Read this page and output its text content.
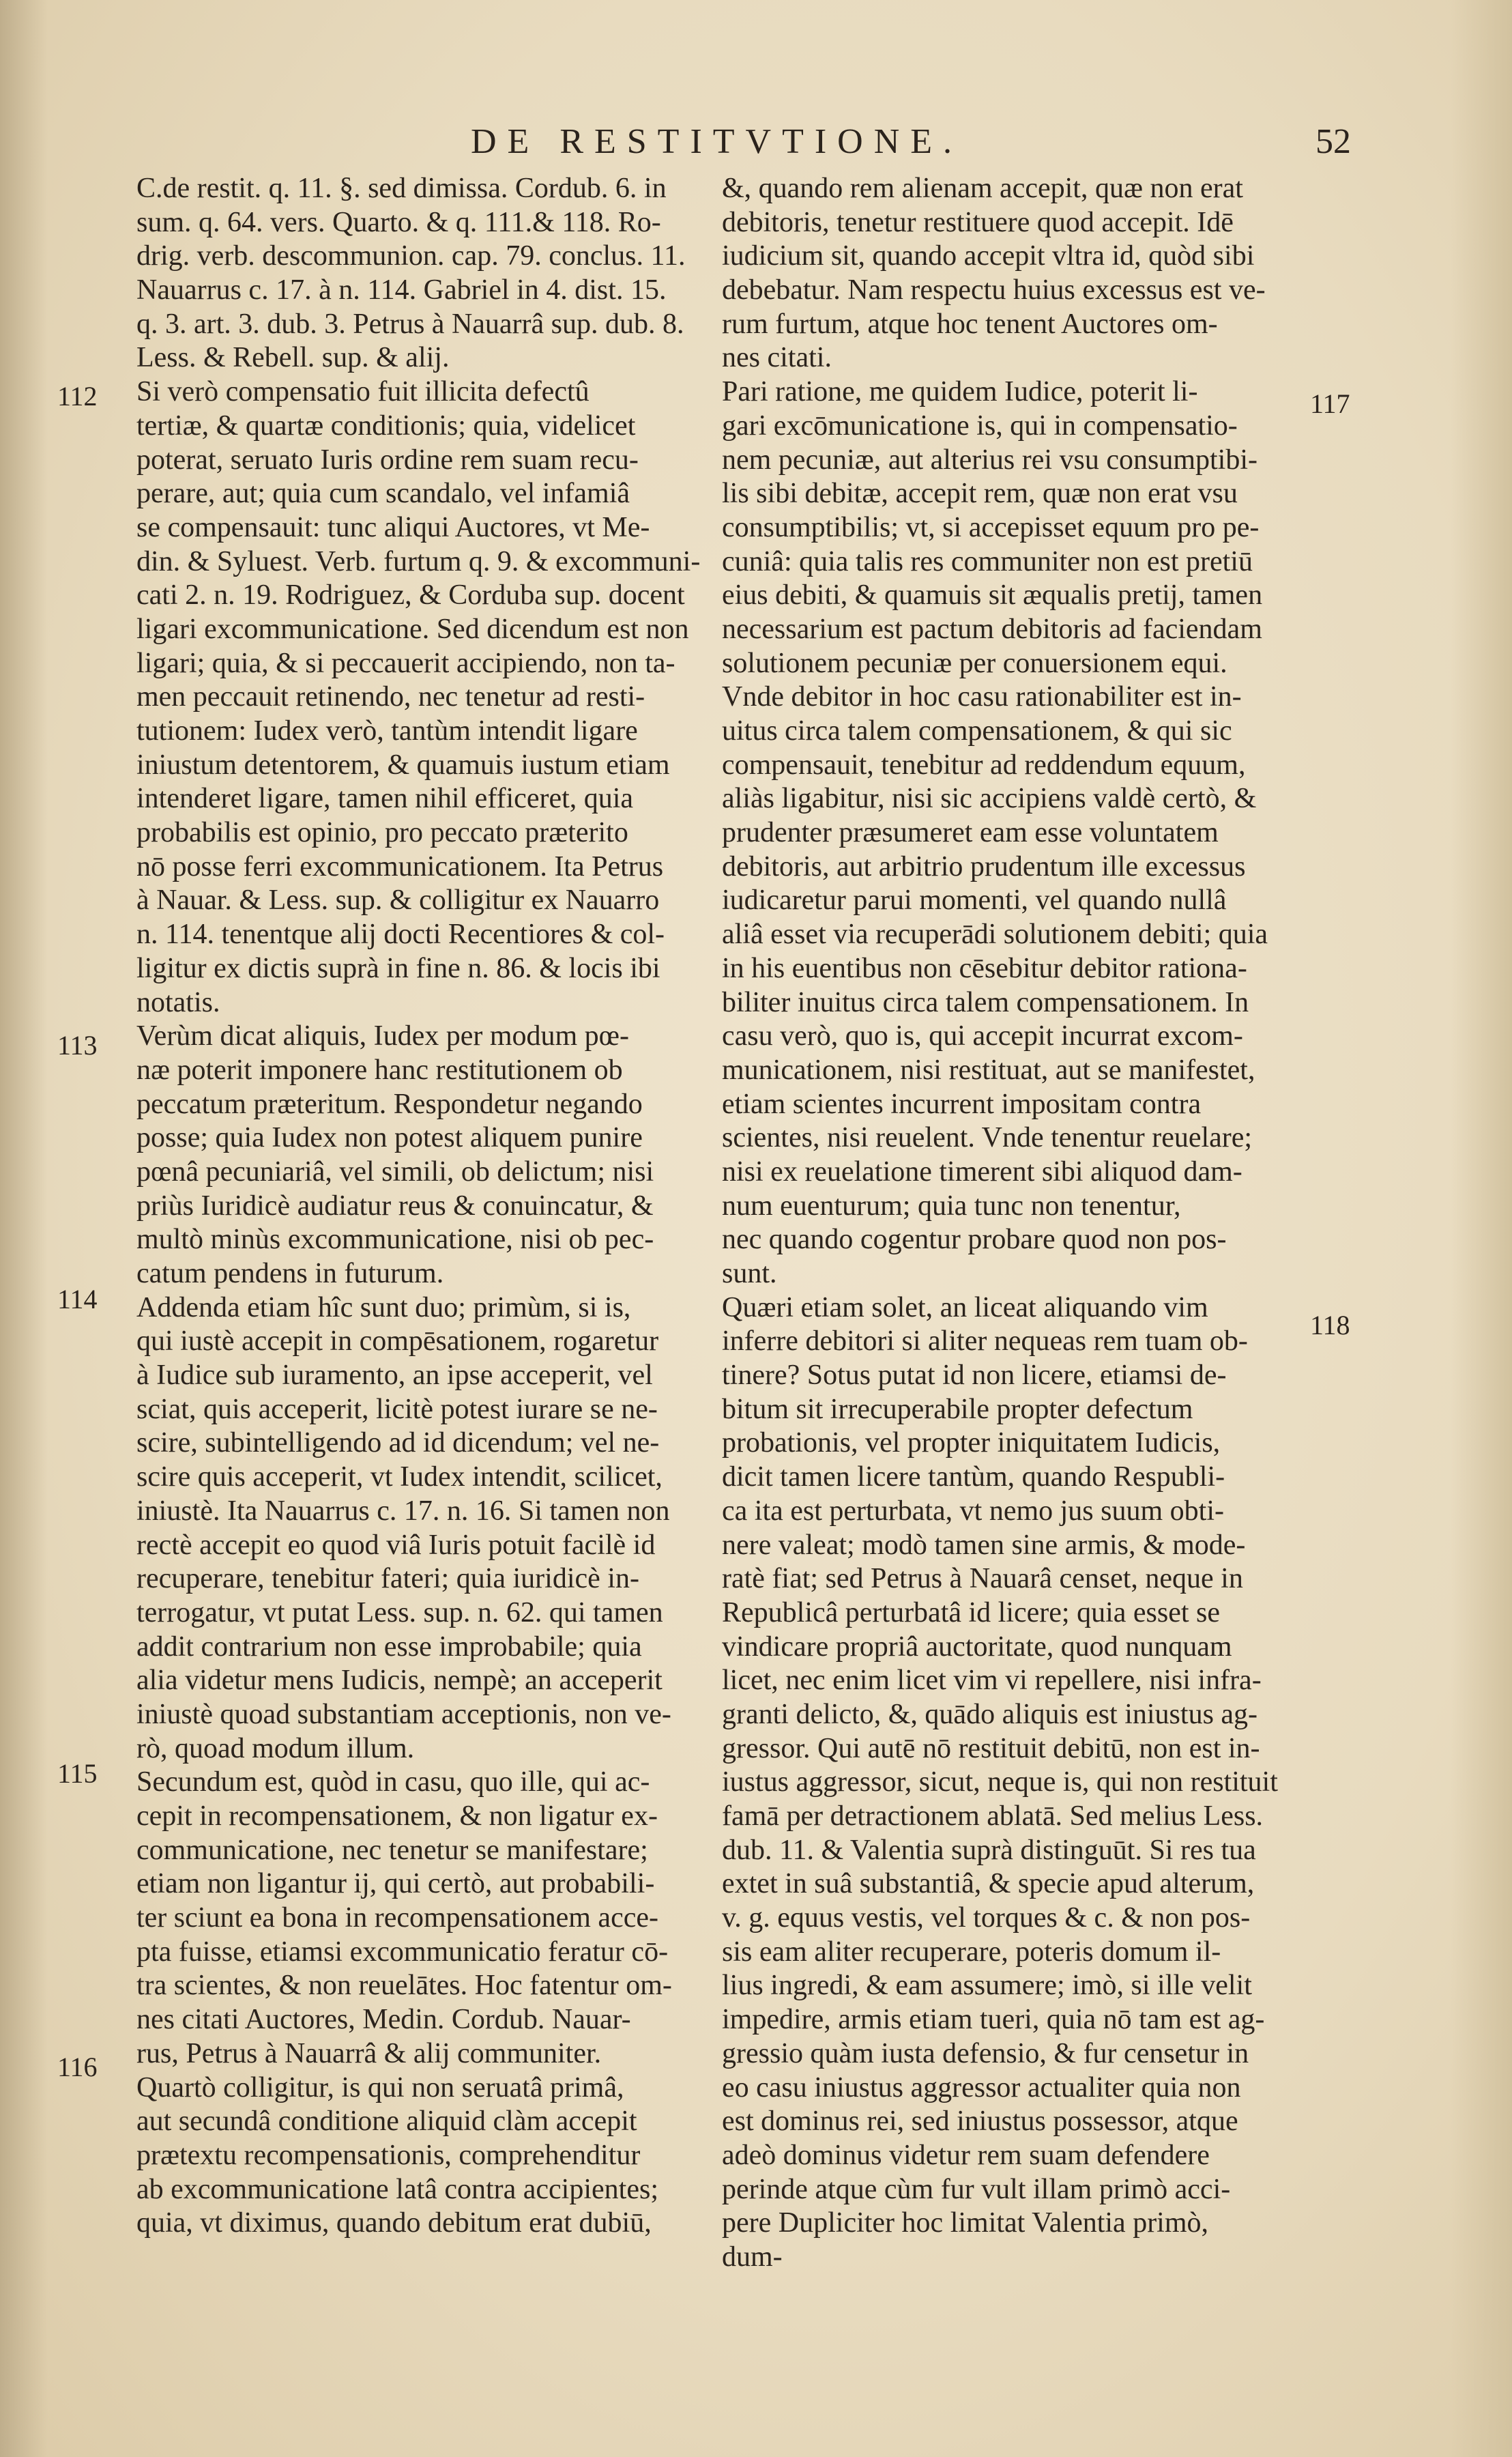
DE RESTITVTIONE.	52
C.de restit. q. 11. §. sed dimissa. Cordub. 6. in
sum. q. 64. vers. Quarto. & q. 111.& 118. Ro-
drig. verb. descommunion. cap. 79. conclus. 11.
Nauarrus c. 17. à n. 114. Gabriel in 4. dist. 15.
q. 3. art. 3. dub. 3. Petrus à Nauarrâ sup. dub. 8.
Less. & Rebell. sup. & alij.
Si verò compensatio fuit illicita defectû
tertiæ, & quartæ conditionis; quia, videlicet
poterat, seruato Iuris ordine rem suam recu-
perare, aut; quia cum scandalo, vel infamiâ
se compensauit: tunc aliqui Auctores, vt Me-
din. & Syluest. Verb. furtum q. 9. & excommuni-
cati 2. n. 19. Rodriguez, & Corduba sup. docent
ligari excommunicatione. Sed dicendum est non
ligari; quia, & si peccauerit accipiendo, non ta-
men peccauit retinendo, nec tenetur ad resti-
tutionem: Iudex verò, tantùm intendit ligare
iniustum detentorem, & quamuis iustum etiam
intenderet ligare, tamen nihil efficeret, quia
probabilis est opinio, pro peccato præterito
nō posse ferri excommunicationem. Ita Petrus
à Nauar. & Less. sup. & colligitur ex Nauarro
n. 114. tenentque alij docti Recentiores & col-
ligitur ex dictis suprà in fine n. 86. & locis ibi
notatis.
Verùm dicat aliquis, Iudex per modum pœ-
næ poterit imponere hanc restitutionem ob
peccatum præteritum. Respondetur negando
posse; quia Iudex non potest aliquem punire
pœnâ pecuniariâ, vel simili, ob delictum; nisi
priùs Iuridicè audiatur reus & conuincatur, &
multò minùs excommunicatione, nisi ob pec-
catum pendens in futurum.
Addenda etiam hîc sunt duo; primùm, si is,
qui iustè accepit in compēsationem, rogaretur
à Iudice sub iuramento, an ipse acceperit, vel
sciat, quis acceperit, licitè potest iurare se ne-
scire, subintelligendo ad id dicendum; vel ne-
scire quis acceperit, vt Iudex intendit, scilicet,
iniustè. Ita Nauarrus c. 17. n. 16. Si tamen non
rectè accepit eo quod viâ Iuris potuit facilè id
recuperare, tenebitur fateri; quia iuridicè in-
terrogatur, vt putat Less. sup. n. 62. qui tamen
addit contrarium non esse improbabile; quia
alia videtur mens Iudicis, nempè; an acceperit
iniustè quoad substantiam acceptionis, non ve-
rò, quoad modum illum.
Secundum est, quòd in casu, quo ille, qui ac-
cepit in recompensationem, & non ligatur ex-
communicatione, nec tenetur se manifestare;
etiam non ligantur ij, qui certò, aut probabili-
ter sciunt ea bona in recompensationem acce-
pta fuisse, etiamsi excommunicatio feratur cō-
tra scientes, & non reuelātes. Hoc fatentur om-
nes citati Auctores, Medin. Cordub. Nauar-
rus, Petrus à Nauarrâ & alij communiter.
Quartò colligitur, is qui non seruatâ primâ,
aut secundâ conditione aliquid clàm accepit
prætextu recompensationis, comprehenditur
ab excommunicatione latâ contra accipientes;
quia, vt diximus, quando debitum erat dubiū,
&, quando rem alienam accepit, quæ non erat
debitoris, tenetur restituere quod accepit. Idē
iudicium sit, quando accepit vltra id, quòd sibi
debebatur. Nam respectu huius excessus est ve-
rum furtum, atque hoc tenent Auctores om-
nes citati.
Pari ratione, me quidem Iudice, poterit li-
gari excōmunicatione is, qui in compensatio-
nem pecuniæ, aut alterius rei vsu consumptibi-
lis sibi debitæ, accepit rem, quæ non erat vsu
consumptibilis; vt, si accepisset equum pro pe-
cuniâ: quia talis res communiter non est pretiū
eius debiti, & quamuis sit æqualis pretij, tamen
necessarium est pactum debitoris ad faciendam
solutionem pecuniæ per conuersionem equi.
Vnde debitor in hoc casu rationabiliter est in-
uitus circa talem compensationem, & qui sic
compensauit, tenebitur ad reddendum equum,
aliàs ligabitur, nisi sic accipiens valdè certò, &
prudenter præsumeret eam esse voluntatem
debitoris, aut arbitrio prudentum ille excessus
iudicaretur parui momenti, vel quando nullâ
aliâ esset via recuperādi solutionem debiti; quia
in his euentibus non cēsebitur debitor rationa-
biliter inuitus circa talem compensationem. In
casu verò, quo is, qui accepit incurrat excom-
municationem, nisi restituat, aut se manifestet,
etiam scientes incurrent impositam contra
scientes, nisi reuelent. Vnde tenentur reuelare;
nisi ex reuelatione timerent sibi aliquod dam-
num euenturum; quia tunc non tenentur,
nec quando cogentur probare quod non pos-
sunt.
Quæri etiam solet, an liceat aliquando vim
inferre debitori si aliter nequeas rem tuam ob-
tinere? Sotus putat id non licere, etiamsi de-
bitum sit irrecuperabile propter defectum
probationis, vel propter iniquitatem Iudicis,
dicit tamen licere tantùm, quando Respubli-
ca ita est perturbata, vt nemo jus suum obti-
nere valeat; modò tamen sine armis, & mode-
ratè fiat; sed Petrus à Nauarâ censet, neque in
Republicâ perturbatâ id licere; quia esset se
vindicare propriâ auctoritate, quod nunquam
licet, nec enim licet vim vi repellere, nisi infra-
granti delicto, &, quādo aliquis est iniustus ag-
gressor. Qui autē nō restituit debitū, non est in-
iustus aggressor, sicut, neque is, qui non restituit
famā per detractionem ablatā. Sed melius Less.
dub. 11. & Valentia suprà distinguūt. Si res tua
extet in suâ substantiâ, & specie apud alterum,
v. g. equus vestis, vel torques & c. & non pos-
sis eam aliter recuperare, poteris domum il-
lius ingredi, & eam assumere; imò, si ille velit
impedire, armis etiam tueri, quia nō tam est ag-
gressio quàm iusta defensio, & fur censetur in
eo casu iniustus aggressor actualiter quia non
est dominus rei, sed iniustus possessor, atque
adeò dominus videtur rem suam defendere
perinde atque cùm fur vult illam primò acci-
pere Dupliciter hoc limitat Valentia primò,
dum-
112
113
114
115
116
117
118
